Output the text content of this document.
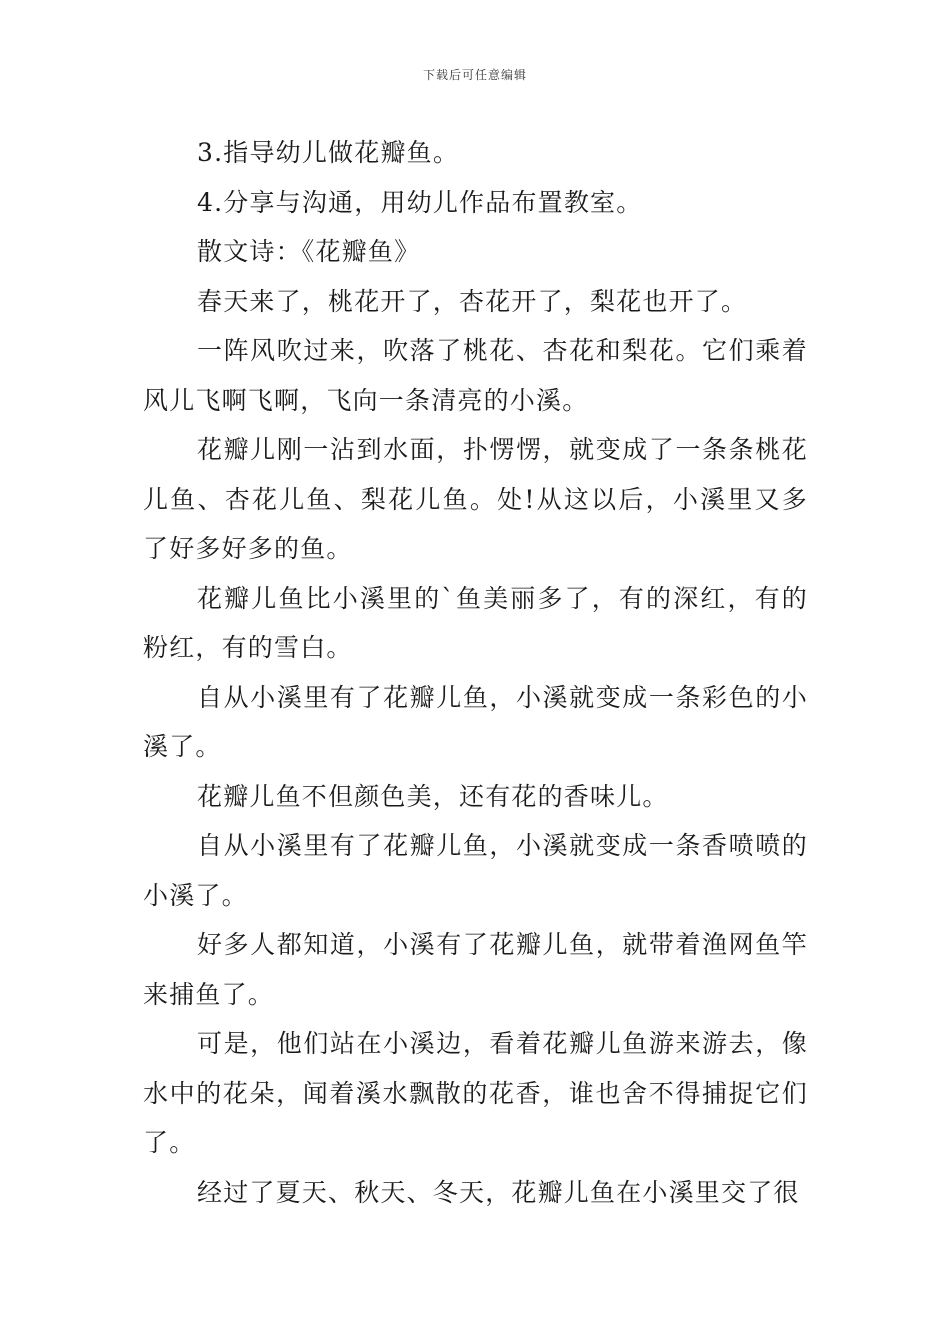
下载后可任意编辑

3.指导幼儿做花瓣鱼。

4.分享与沟通，用幼儿作品布置教室。

散文诗：《花瓣鱼》

春天来了，桃花开了，杏花开了，梨花也开了。

一阵风吹过来，吹落了桃花、杏花和梨花。它们乘着风儿飞啊飞啊，飞向一条清亮的小溪。

花瓣儿刚一沾到水面，扑愣愣，就变成了一条条桃花儿鱼、杏花儿鱼、梨花儿鱼。处!从这以后，小溪里又多了好多好多的鱼。

花瓣儿鱼比小溪里的`鱼美丽多了，有的深红，有的粉红，有的雪白。

自从小溪里有了花瓣儿鱼，小溪就变成一条彩色的小溪了。

花瓣儿鱼不但颜色美，还有花的香味儿。

自从小溪里有了花瓣儿鱼，小溪就变成一条香喷喷的小溪了。

好多人都知道，小溪有了花瓣儿鱼，就带着渔网鱼竿来捕鱼了。

可是，他们站在小溪边，看着花瓣儿鱼游来游去，像水中的花朵，闻着溪水飘散的花香，谁也舍不得捕捉它们了。

经过了夏天、秋天、冬天，花瓣儿鱼在小溪里交了很
